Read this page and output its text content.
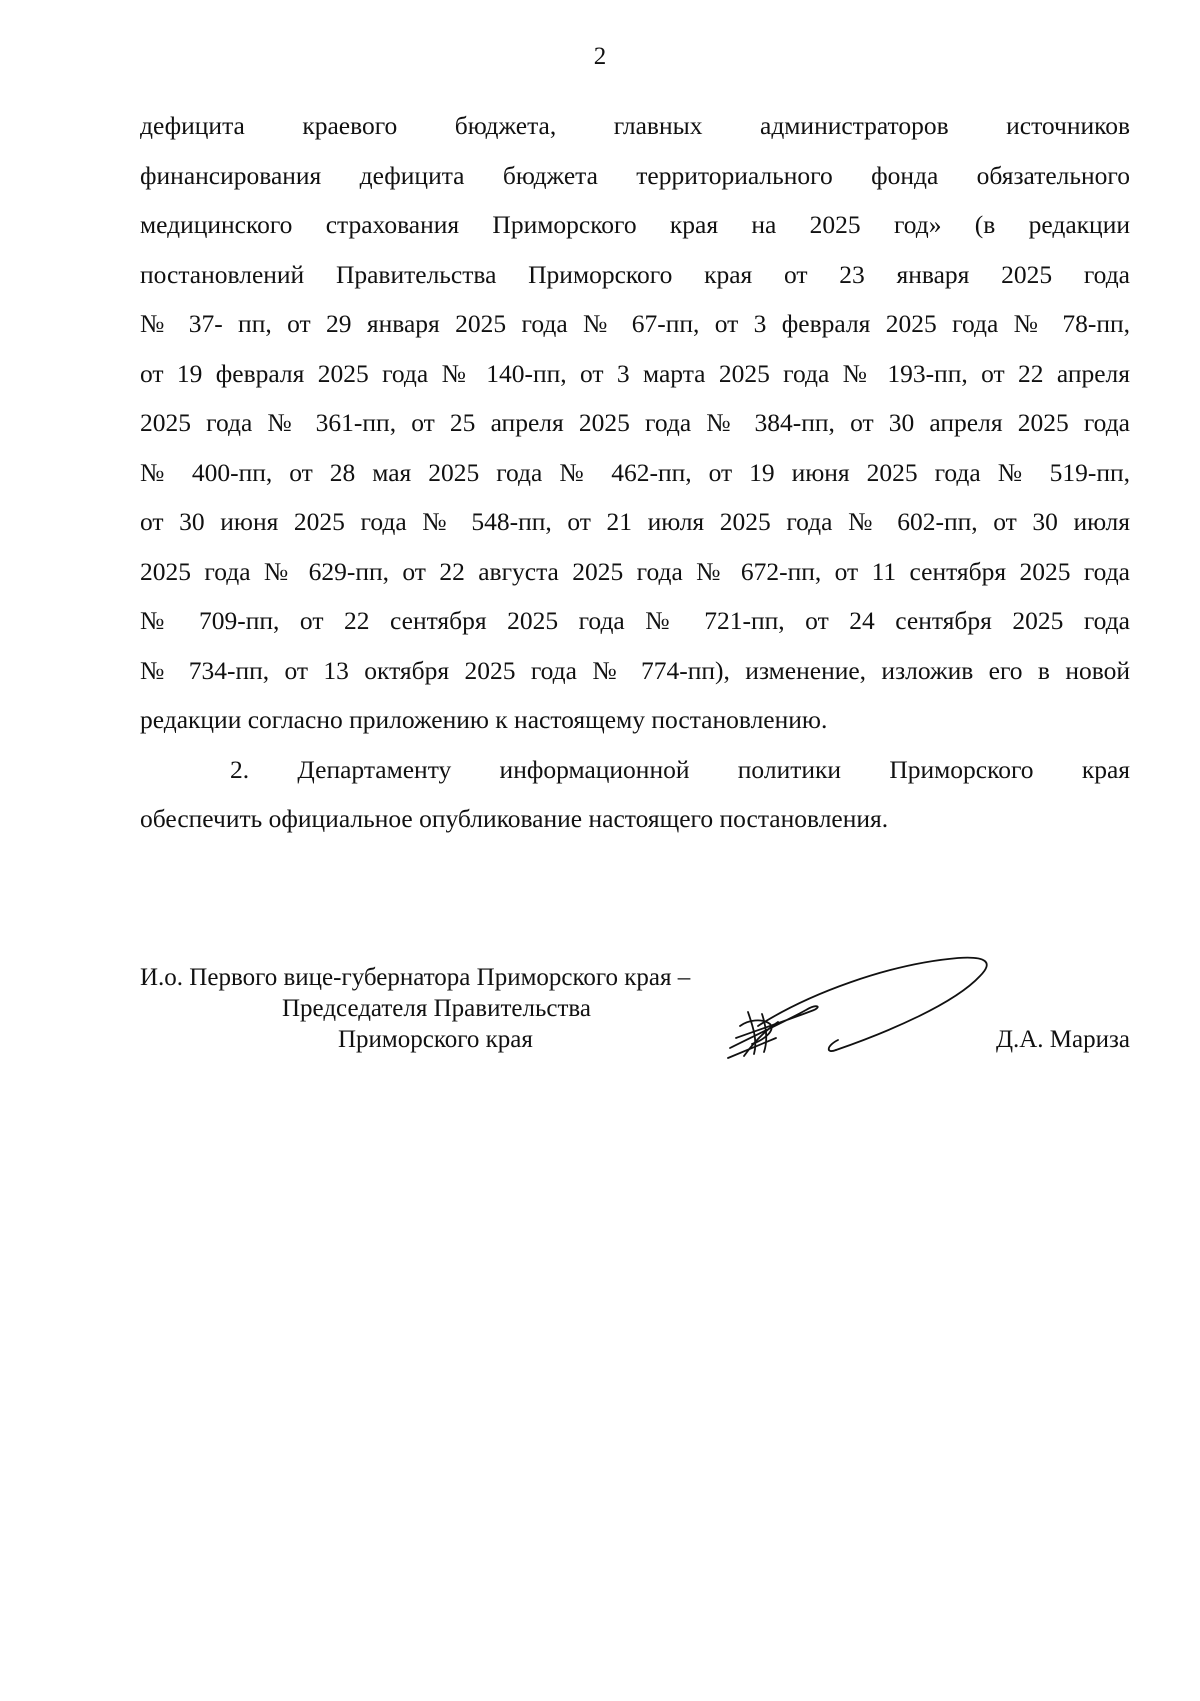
2
дефицита краевого бюджета, главных администраторов источников
финансирования дефицита бюджета территориального фонда обязательного
медицинского страхования Приморского края на 2025 год» (в редакции
постановлений Правительства Приморского края от 23 января 2025 года
№ 37- пп, от 29 января 2025 года № 67-пп, от 3 февраля 2025 года № 78-пп,
от 19 февраля 2025 года № 140-пп, от 3 марта 2025 года № 193-пп, от 22 апреля
2025 года № 361-пп, от 25 апреля 2025 года № 384-пп, от 30 апреля 2025 года
№ 400-пп, от 28 мая 2025 года № 462-пп, от 19 июня 2025 года № 519-пп,
от 30 июня 2025 года № 548-пп, от 21 июля 2025 года № 602-пп, от 30 июля
2025 года № 629-пп, от 22 августа 2025 года № 672-пп, от 11 сентября 2025 года
№ 709-пп, от 22 сентября 2025 года № 721-пп, от 24 сентября 2025 года
№ 734-пп, от 13 октября 2025 года № 774-пп), изменение, изложив его в новой
редакции согласно приложению к настоящему постановлению.
2. Департаменту информационной политики Приморского края
обеспечить официальное опубликование настоящего постановления.
И.о. Первого вице-губернатора Приморского края –
Председателя Правительства
Приморского края	Д.А. Мариза
